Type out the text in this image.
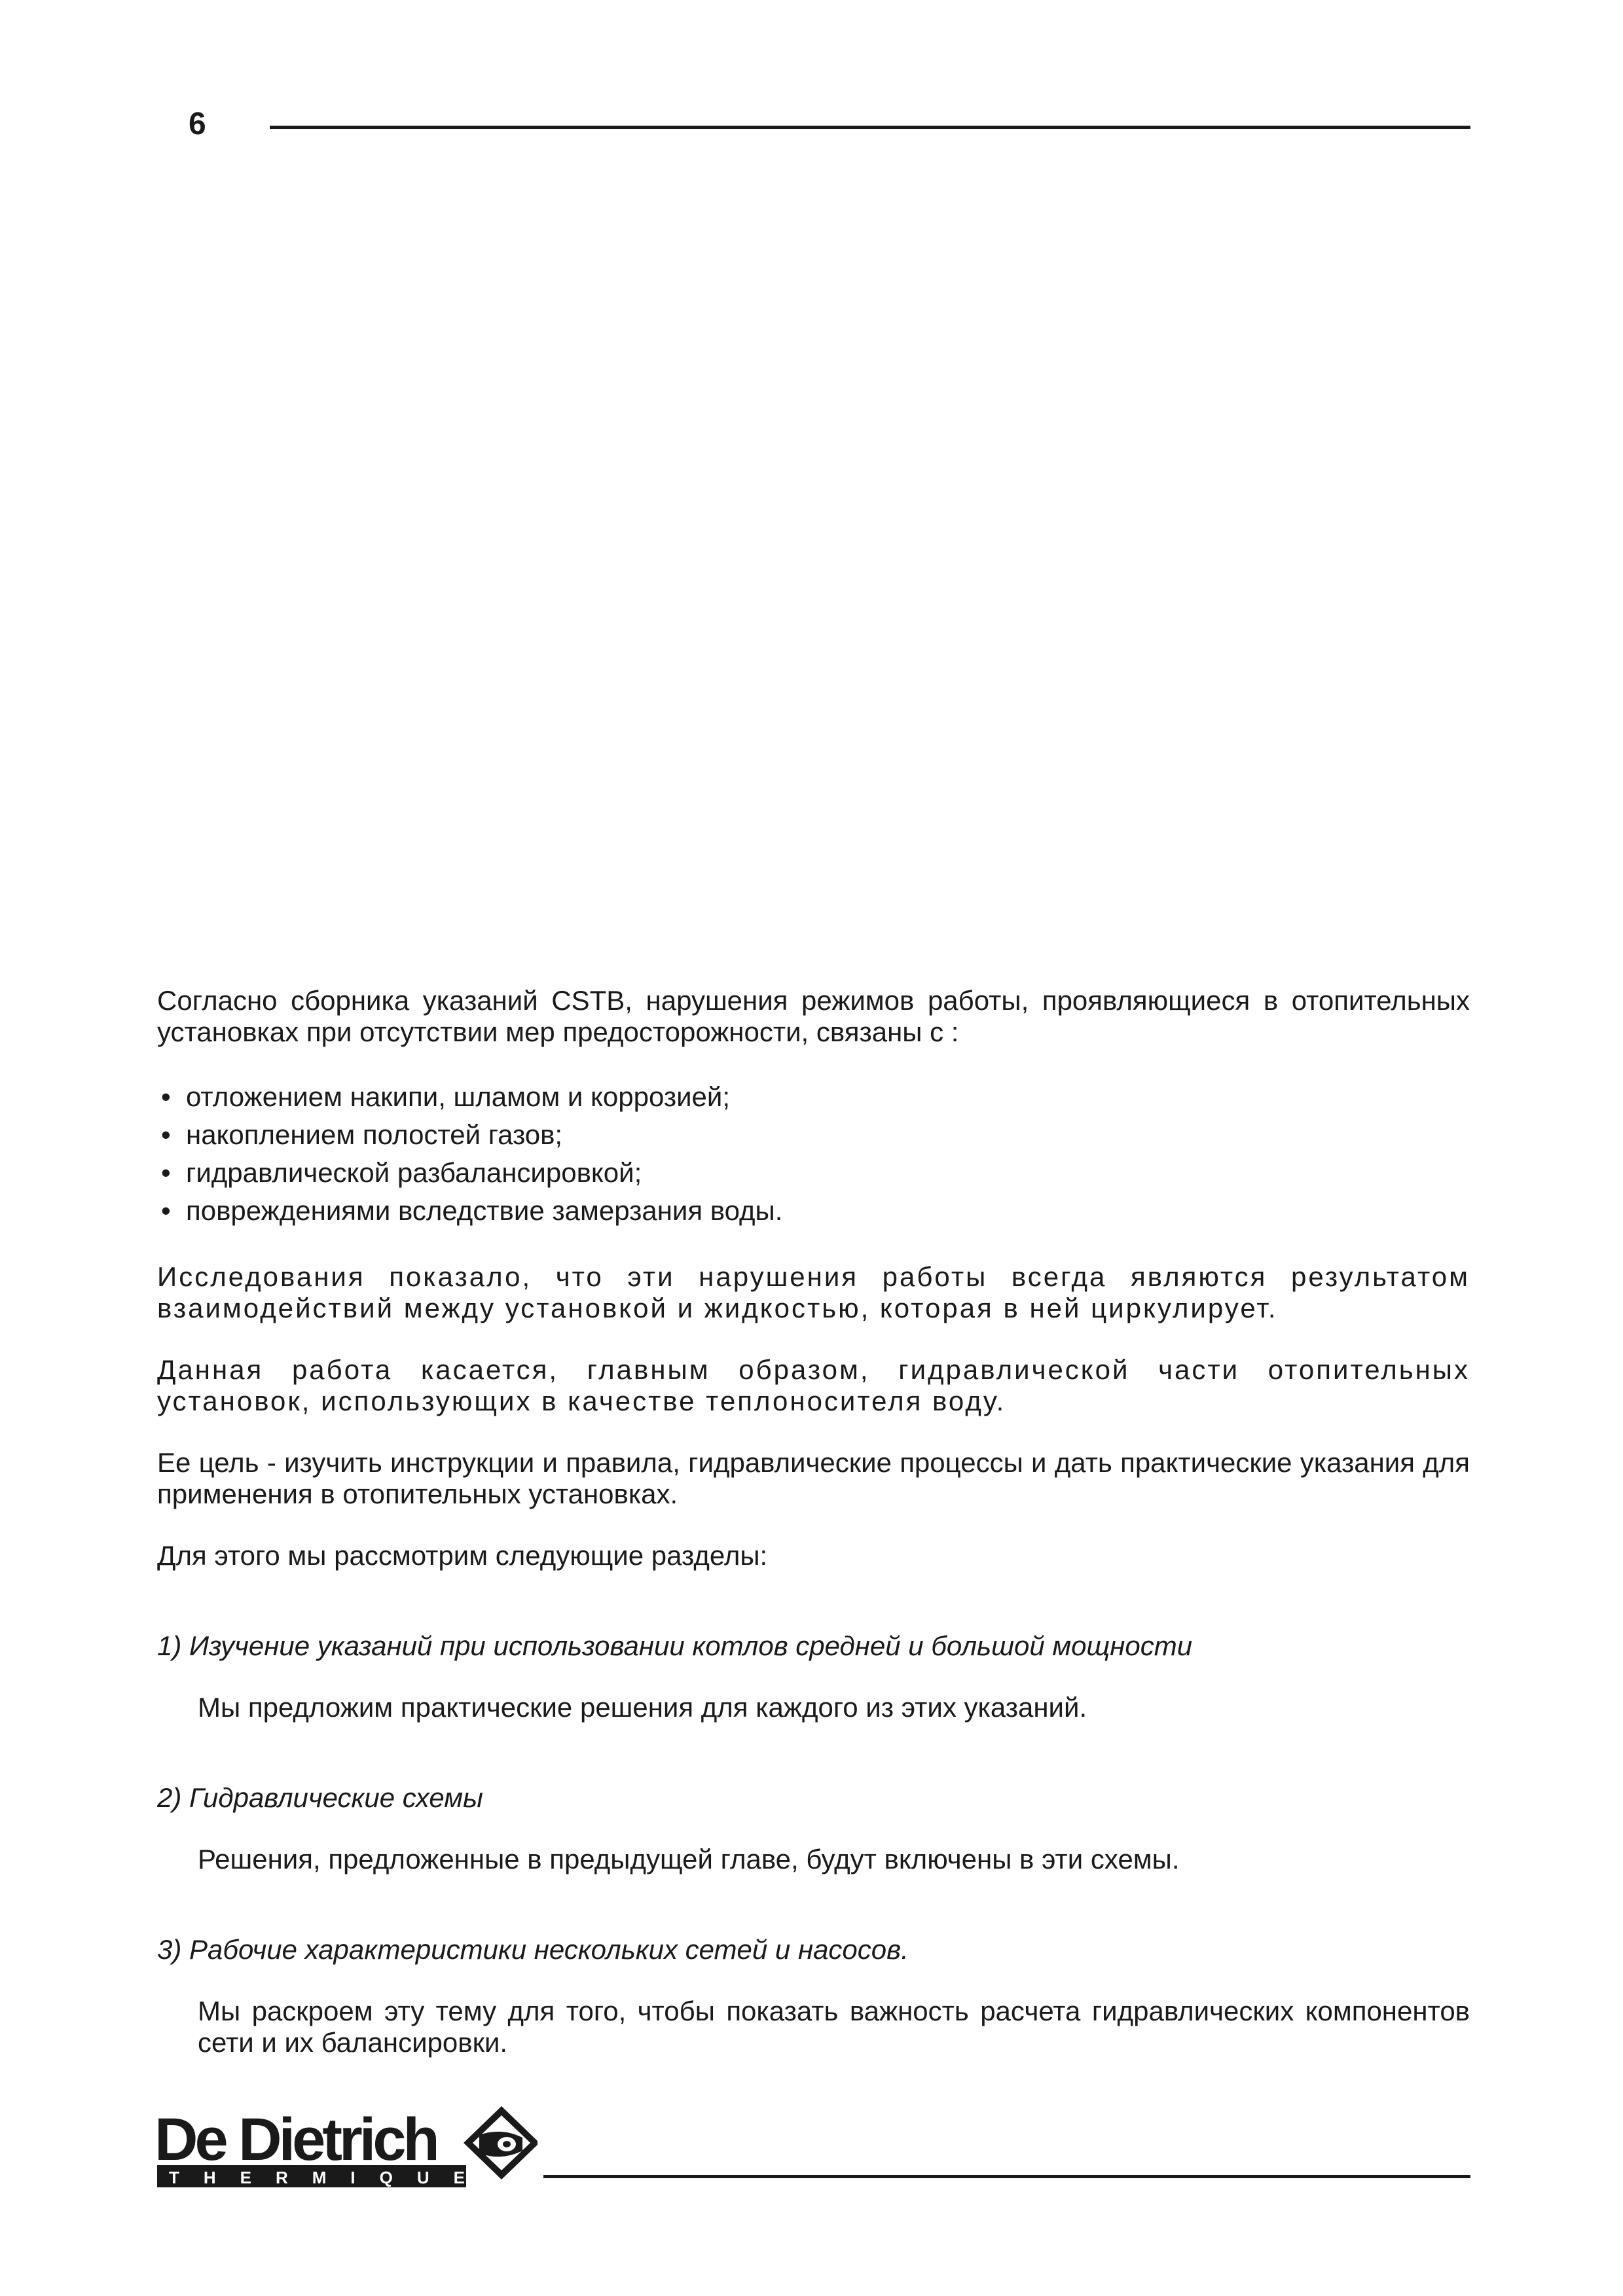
6

Согласно сборника указаний CSTB, нарушения режимов работы, проявляющиеся в отопительных установках при отсутствии мер предосторожности, связаны с :

• отложением накипи, шламом и коррозией;
• накоплением полостей газов;
• гидравлической разбалансировкой;
• повреждениями вследствие замерзания воды.

Исследования показало, что эти нарушения работы всегда являются результатом взаимодействий между установкой и жидкостью, которая в ней циркулирует.

Данная работа касается, главным образом, гидравлической части отопительных установок, использующих в качестве теплоносителя воду.

Ее цель - изучить инструкции и правила, гидравлические процессы и дать практические указания для применения в отопительных установках.

Для этого мы рассмотрим следующие разделы:

1) Изучение указаний при использовании котлов средней и большой мощности

Мы предложим практические решения для каждого из этих указаний.

2) Гидравлические схемы

Решения, предложенные в предыдущей главе, будут включены в эти схемы.

3) Рабочие характеристики нескольких сетей и насосов.

Мы раскроем эту тему для того, чтобы показать важность расчета гидравлических компонентов сети и их балансировки.

THERMIQUE
De Dietrich
